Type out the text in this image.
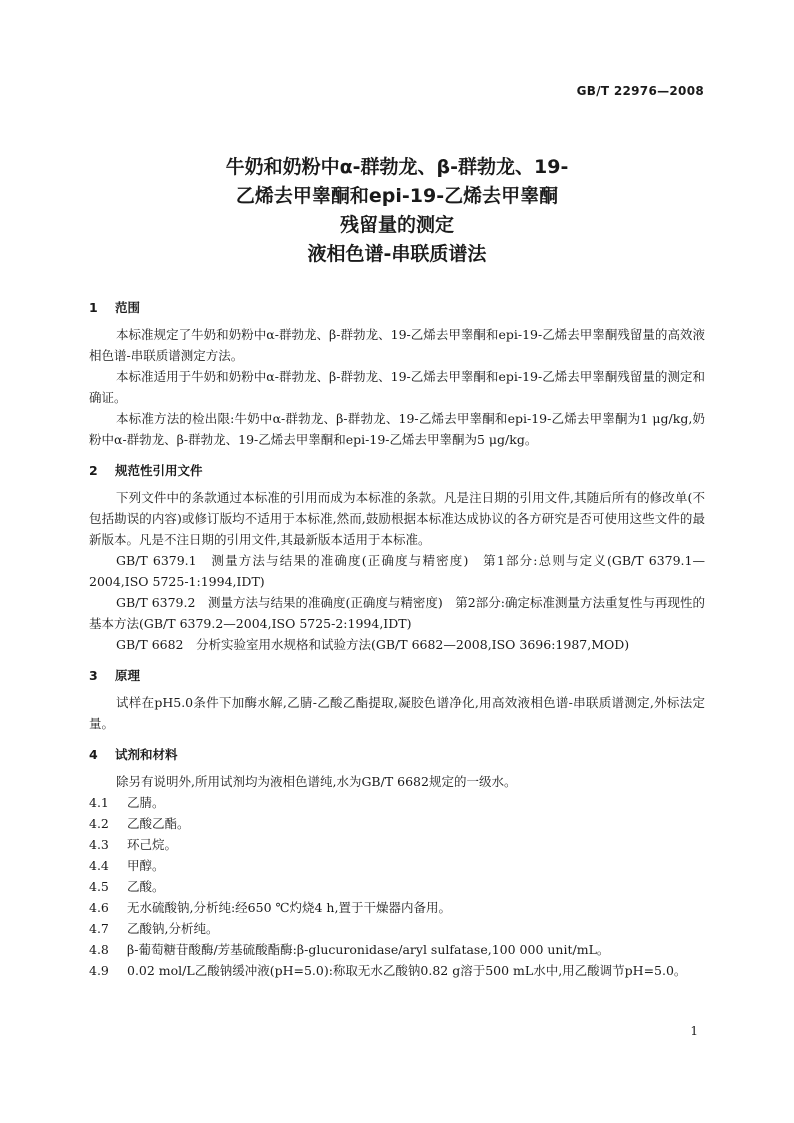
GB/T 22976—2008
牛奶和奶粉中α-群勃龙、β-群勃龙、19-
乙烯去甲睾酮和epi-19-乙烯去甲睾酮
残留量的测定
液相色谱-串联质谱法

1 范围

本标准规定了牛奶和奶粉中α-群勃龙、β-群勃龙、19-乙烯去甲睾酮和epi-19-乙烯去甲睾酮残留量的高效液相色谱-串联质谱测定方法。

本标准适用于牛奶和奶粉中α-群勃龙、β-群勃龙、19-乙烯去甲睾酮和epi-19-乙烯去甲睾酮残留量的测定和确证。

本标准方法的检出限:牛奶中α-群勃龙、β-群勃龙、19-乙烯去甲睾酮和epi-19-乙烯去甲睾酮为1 μg/kg,奶粉中α-群勃龙、β-群勃龙、19-乙烯去甲睾酮和epi-19-乙烯去甲睾酮为5 μg/kg。

2 规范性引用文件

下列文件中的条款通过本标准的引用而成为本标准的条款。凡是注日期的引用文件,其随后所有的修改单(不包括勘误的内容)或修订版均不适用于本标准,然而,鼓励根据本标准达成协议的各方研究是否可使用这些文件的最新版本。凡是不注日期的引用文件,其最新版本适用于本标准。

GB/T 6379.1　测量方法与结果的准确度(正确度与精密度)　第1部分:总则与定义(GB/T 6379.1—2004,ISO 5725-1:1994,IDT)

GB/T 6379.2　测量方法与结果的准确度(正确度与精密度)　第2部分:确定标准测量方法重复性与再现性的基本方法(GB/T 6379.2—2004,ISO 5725-2:1994,IDT)

GB/T 6682　分析实验室用水规格和试验方法(GB/T 6682—2008,ISO 3696:1987,MOD)

3 原理

试样在pH5.0条件下加酶水解,乙腈-乙酸乙酯提取,凝胶色谱净化,用高效液相色谱-串联质谱测定,外标法定量。

4 试剂和材料

除另有说明外,所用试剂均为液相色谱纯,水为GB/T 6682规定的一级水。

4.1 乙腈。

4.2 乙酸乙酯。

4.3 环己烷。

4.4 甲醇。

4.5 乙酸。

4.6 无水硫酸钠,分析纯:经650 ℃灼烧4 h,置于干燥器内备用。

4.7 乙酸钠,分析纯。

4.8 β-葡萄糖苷酸酶/芳基硫酸酯酶:β-glucuronidase/aryl sulfatase,100 000 unit/mL。

4.9 0.02 mol/L乙酸钠缓冲液(pH=5.0):称取无水乙酸钠0.82 g溶于500 mL水中,用乙酸调节pH=5.0。

1
